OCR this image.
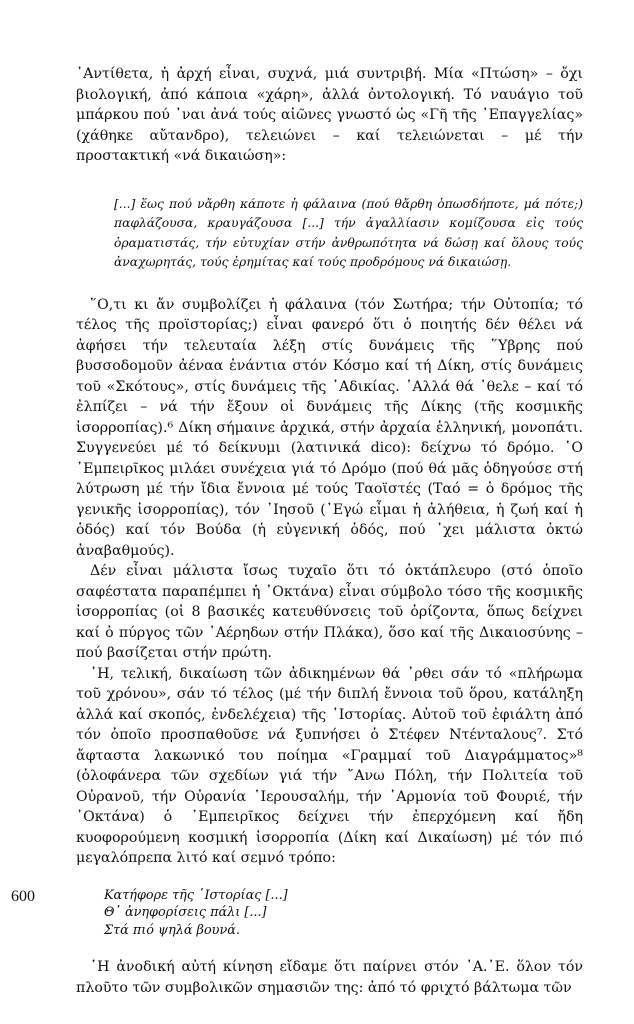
᾿Αντίθετα, ἡ ἀρχή εἶναι, συχνά, μιά συντριβή. Μία «Πτώση» – ὄχι βιολογική, ἀπό κάποια «χάρη», ἀλλά ὀντολογική. Τό ναυάγιο τοῦ μπάρκου πού ᾿ναι ἀνά τούς αἰῶνες γνωστό ὡς «Γῆ τῆς ᾿Επαγγελίας» (χάθηκε αὔτανδρο), τελειώνει – καί τελειώνεται – μέ τήν προστακτική «νά δικαιώση»:

[...] ἕως πού νἄρθη κάποτε ἡ φάλαινα (πού θἄρθη ὁπωσδήποτε, μά πότε;) παφλάζουσα, κραυγάζουσα [...] τήν ἀγαλλίασιν κομίζουσα εἰς τούς ὁραματιστάς, τήν εὐτυχίαν στήν ἀνθρωπότητα νά δώσῃ καί ὅλους τούς ἀναχωρητάς, τούς ἐρημίτας καί τούς προδρόμους νά δικαιώσῃ.

῞Ο,τι κι ἄν συμβολίζει ἡ φάλαινα (τόν Σωτήρα; τήν Οὐτοπία; τό τέλος τῆς προϊστορίας;) εἶναι φανερό ὅτι ὁ ποιητής δέν θέλει νά ἀφήσει τήν τελευταία λέξη στίς δυνάμεις τῆς ῞Υβρης πού βυσσοδομοῦν ἀέναα ἐνάντια στόν Κόσμο καί τή Δίκη, στίς δυνάμεις τοῦ «Σκότους», στίς δυνάμεις τῆς ᾿Αδικίας. ᾿Αλλά θά ᾿θελε – καί τό ἐλπίζει – νά τήν ἔξουν οἱ δυνάμεις τῆς Δίκης (τῆς κοσμικῆς ἰσορροπίας).⁶ Δίκη σήμαινε ἀρχικά, στήν ἀρχαία ἑλληνική, μονοπάτι. Συγγενεύει μέ τό δείκνυμι (λατινικά dico): δείχνω τό δρόμο. ῾Ο ᾿Εμπειρῖκος μιλάει συνέχεια γιά τό Δρόμο (πού θά μᾶς ὁδηγούσε στή λύτρωση μέ τήν ἴδια ἔννοια μέ τούς Ταοϊστές (Ταό = ὁ δρόμος τῆς γενικῆς ἰσορροπίας), τόν ᾿Ιησοῦ (᾿Εγώ εἶμαι ἡ ἀλήθεια, ἡ ζωή καί ἡ ὁδός) καί τόν Βούδα (ἡ εὐγενική ὁδός, πού ᾿χει μάλιστα ὀκτώ ἀναβαθμούς).

Δέν εἶναι μάλιστα ἴσως τυχαῖο ὅτι τό ὀκτάπλευρο (στό ὁποῖο σαφέστατα παραπέμπει ἡ ᾿Οκτάνα) εἶναι σύμβολο τόσο τῆς κοσμικῆς ἰσορροπίας (οἱ 8 βασικές κατευθύνσεις τοῦ ὁρίζοντα, ὅπως δείχνει καί ὁ πύργος τῶν ᾿Αέρηδων στήν Πλάκα), ὅσο καί τῆς Δικαιοσύνης – πού βασίζεται στήν πρώτη.

῾Η, τελική, δικαίωση τῶν ἀδικημένων θά ᾿ρθει σάν τό «πλήρωμα τοῦ χρόνου», σάν τό τέλος (μέ τήν διπλή ἔννοια τοῦ ὅρου, κατάληξη ἀλλά καί σκοπός, ἐνδελέχεια) τῆς ῾Ιστορίας. Αὐτοῦ τοῦ ἐφιάλτη ἀπό τόν ὁποῖο προσπαθοῦσε νά ξυπνήσει ὁ Στέφεν Ντένταλους⁷. Στό ἄφταστα λακωνικό του ποίημα «Γραμμαί τοῦ Διαγράμματος»⁸ (ὁλοφάνερα τῶν σχεδίων γιά τήν ῎Ανω Πόλη, τήν Πολιτεία τοῦ Οὐρανοῦ, τήν Οὐρανία ῾Ιερουσαλήμ, τήν ῾Αρμονία τοῦ Φουριέ, τήν ᾿Οκτάνα) ὁ ᾿Εμπειρῖκος δείχνει τήν ἐπερχόμενη καί ἤδη κυοφορούμενη κοσμική ἰσορροπία (Δίκη καί Δικαίωση) μέ τόν πιό μεγαλόπρεπα λιτό καί σεμνό τρόπο:

Κατήφορε τῆς ῾Ιστορίας [...]
Θ᾿ ἀνηφορίσεις πάλι [...]
Στά πιό ψηλά βουνά.

῾Η ἀνοδική αὐτή κίνηση εἴδαμε ὅτι παίρνει στόν ᾿Α.᾿Ε. ὅλον τόν πλοῦτο τῶν συμβολικῶν σημασιῶν της: ἀπό τό φριχτό βάλτωμα τῶν

600
